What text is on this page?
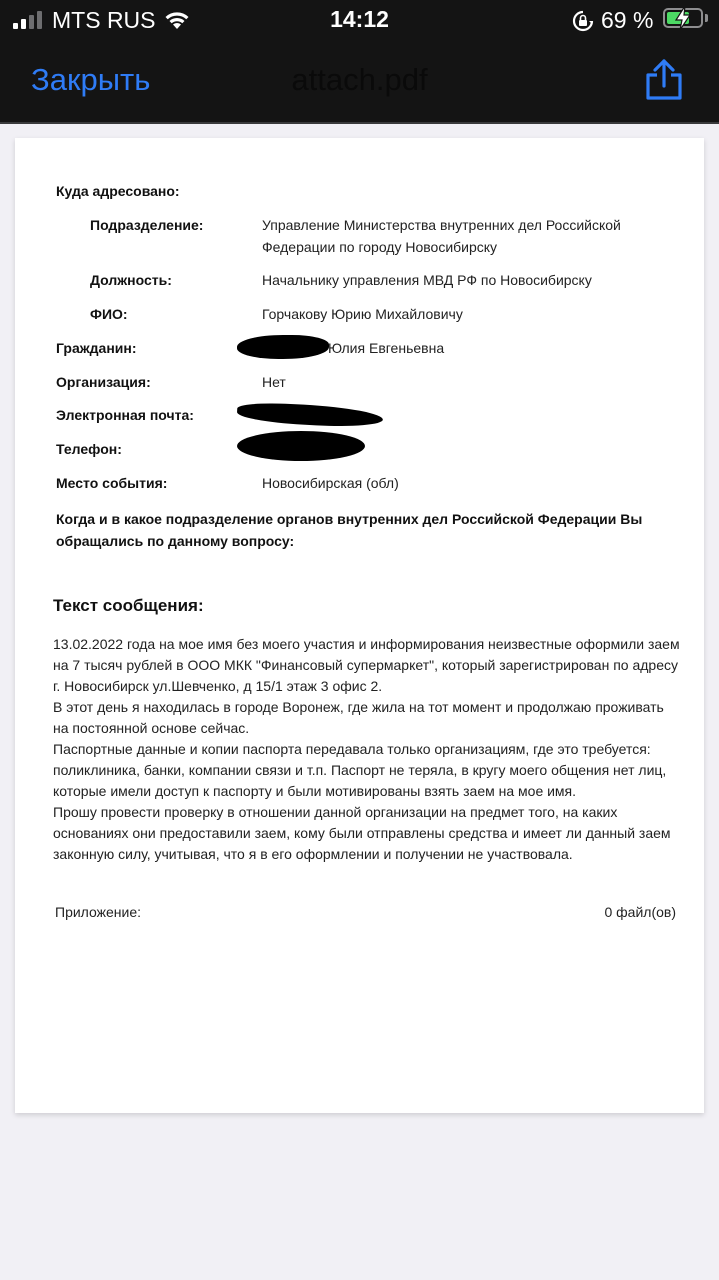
MTS RUS	14:12	69 %
Закрыть	attach.pdf
Куда адресовано:
Подразделение:	Управление Министерства внутренних дел Российской
Федерации по городу Новосибирску
Должность:	Начальнику управления МВД РФ по Новосибирску
ФИО:	Горчакову Юрию Михайловичу
Гражданин:	Юлия Евгеньевна
Организация:	Нет
Электронная почта:
Телефон:
Место события:	Новосибирская (обл)
Когда и в какое подразделение органов внутренних дел Российской Федерации Вы
обращались по данному вопросу:
Текст сообщения:

13.02.2022 года на мое имя без моего участия и информирования неизвестные оформили заем на 7 тысяч рублей в ООО МКК "Финансовый супермаркет", который зарегистрирован по адресу г. Новосибирск ул.Шевченко, д 15/1 этаж 3 офис 2.

В этот день я находилась в городе Воронеж, где жила на тот момент и продолжаю проживать на постоянной основе сейчас.

Паспортные данные и копии паспорта передавала только организациям, где это требуется: поликлиника, банки, компании связи и т.п. Паспорт не теряла, в кругу моего общения нет лиц, которые имели доступ к паспорту и были мотивированы взять заем на мое имя.

Прошу провести проверку в отношении данной организации на предмет того, на каких основаниях они предоставили заем, кому были отправлены средства и имеет ли данный заем законную силу, учитывая, что я в его оформлении и получении не участвовала.

Приложение:	0 файл(ов)
